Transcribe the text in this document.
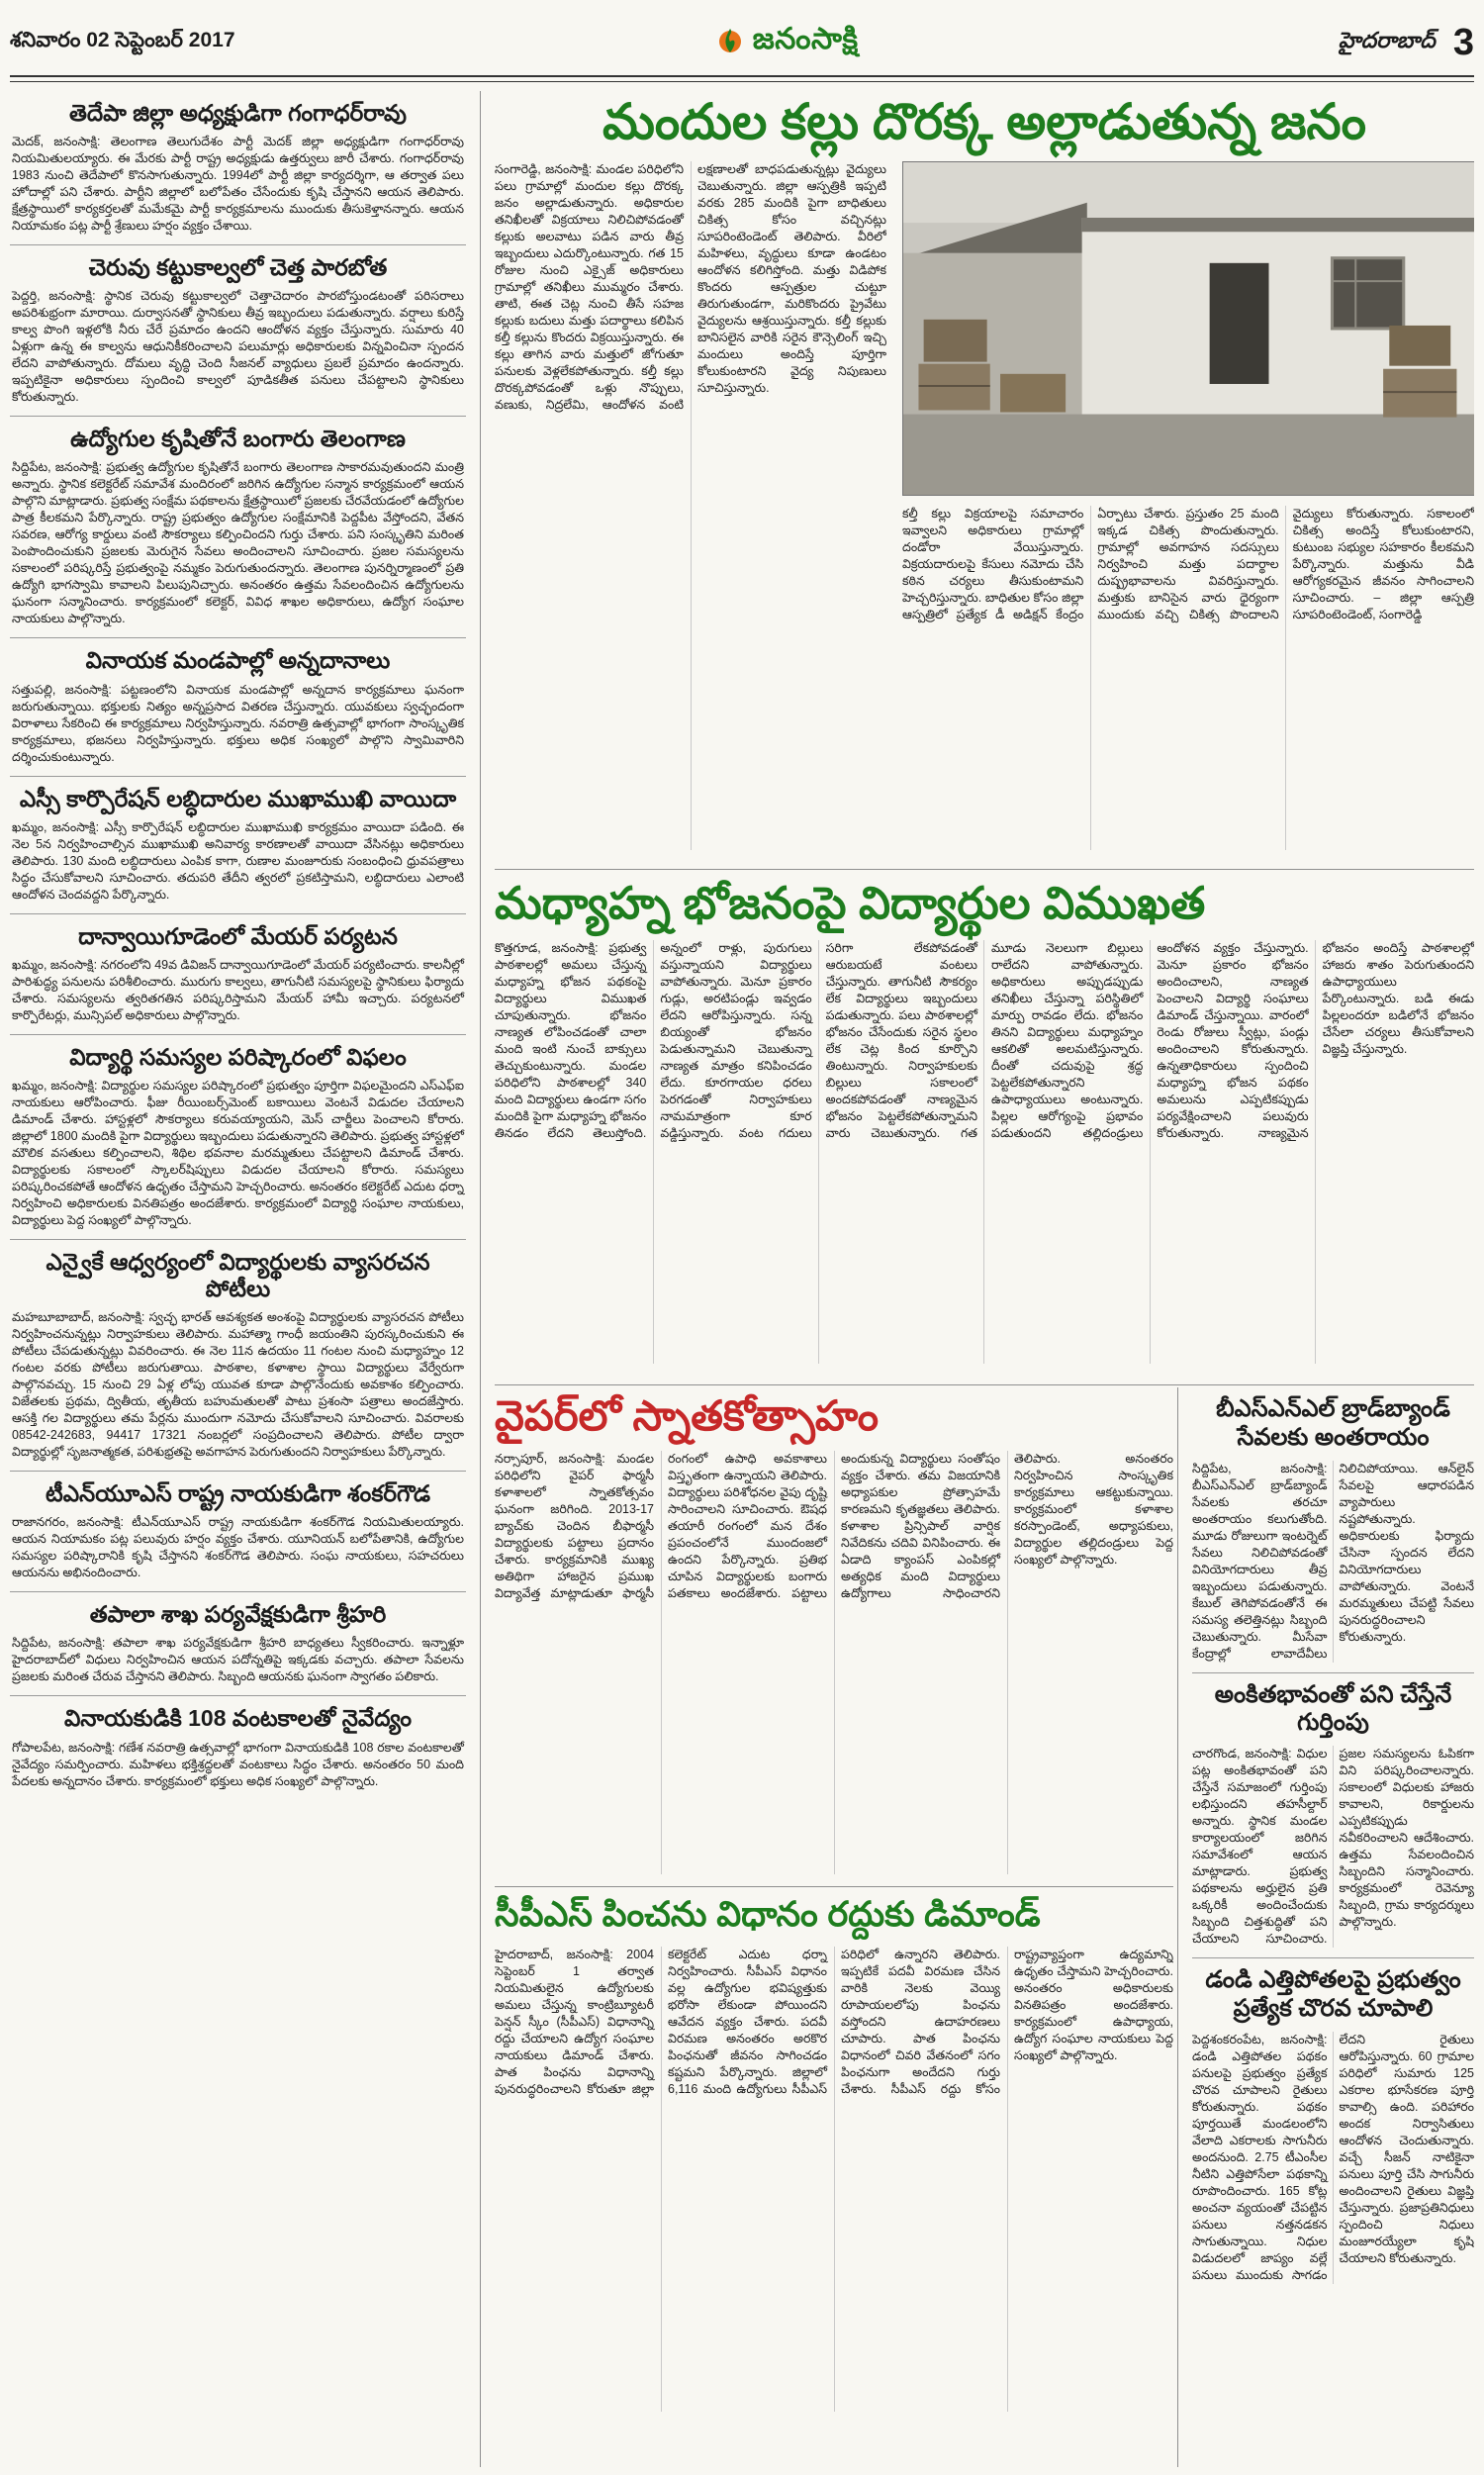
శనివారం 02 సెప్టెంబర్ 2017	జనంసాక్షి	హైదరాబాద్ 3
తెదేపా జిల్లా అధ్యక్షుడిగా గంగాధర్‌రావు

మెదక్, జనంసాక్షి: తెలంగాణ తెలుగుదేశం పార్టీ మెదక్ జిల్లా అధ్యక్షుడిగా గంగాధర్‌రావు నియమితులయ్యారు. ఈ మేరకు పార్టీ రాష్ట్ర అధ్యక్షుడు ఉత్తర్వులు జారీ చేశారు. గంగాధర్‌రావు 1983 నుంచి తెదేపాలో కొనసాగుతున్నారు. 1994లో పార్టీ జిల్లా కార్యదర్శిగా, ఆ తర్వాత పలు హోదాల్లో పని చేశారు. పార్టీని జిల్లాలో బలోపేతం చేసేందుకు కృషి చేస్తానని ఆయన తెలిపారు. క్షేత్రస్థాయిలో కార్యకర్తలతో మమేకమై పార్టీ కార్యక్రమాలను ముందుకు తీసుకెళ్తానన్నారు. ఆయన నియామకం పట్ల పార్టీ శ్రేణులు హర్షం వ్యక్తం చేశాయి.

చెరువు కట్టుకాల్వలో చెత్త పారబోత

పెద్దర్తి, జనంసాక్షి: స్థానిక చెరువు కట్టుకాల్వలో చెత్తాచెదారం పారబోస్తుండటంతో పరిసరాలు అపరిశుభ్రంగా మారాయి. దుర్వాసనతో స్థానికులు తీవ్ర ఇబ్బందులు పడుతున్నారు. వర్షాలు కురిస్తే కాల్వ పొంగి ఇళ్లలోకి నీరు చేరే ప్రమాదం ఉందని ఆందోళన వ్యక్తం చేస్తున్నారు. సుమారు 40 ఏళ్లుగా ఉన్న ఈ కాల్వను ఆధునికీకరించాలని పలుమార్లు అధికారులకు విన్నవించినా స్పందన లేదని వాపోతున్నారు. దోమలు వృద్ధి చెంది సీజనల్ వ్యాధులు ప్రబలే ప్రమాదం ఉందన్నారు. ఇప్పటికైనా అధికారులు స్పందించి కాల్వలో పూడికతీత పనులు చేపట్టాలని స్థానికులు కోరుతున్నారు.

ఉద్యోగుల కృషితోనే బంగారు తెలంగాణ

సిద్దిపేట, జనంసాక్షి: ప్రభుత్వ ఉద్యోగుల కృషితోనే బంగారు తెలంగాణ సాకారమవుతుందని మంత్రి అన్నారు. స్థానిక కలెక్టరేట్ సమావేశ మందిరంలో జరిగిన ఉద్యోగుల సన్మాన కార్యక్రమంలో ఆయన పాల్గొని మాట్లాడారు. ప్రభుత్వ సంక్షేమ పథకాలను క్షేత్రస్థాయిలో ప్రజలకు చేరవేయడంలో ఉద్యోగుల పాత్ర కీలకమని పేర్కొన్నారు. రాష్ట్ర ప్రభుత్వం ఉద్యోగుల సంక్షేమానికి పెద్దపీట వేస్తోందని, వేతన సవరణ, ఆరోగ్య కార్డులు వంటి సౌకర్యాలు కల్పించిందని గుర్తు చేశారు. పని సంస్కృతిని మరింత పెంపొందించుకుని ప్రజలకు మెరుగైన సేవలు అందించాలని సూచించారు. ప్రజల సమస్యలను సకాలంలో పరిష్కరిస్తే ప్రభుత్వంపై నమ్మకం పెరుగుతుందన్నారు. తెలంగాణ పునర్నిర్మాణంలో ప్రతి ఉద్యోగి భాగస్వామి కావాలని పిలుపునిచ్చారు. అనంతరం ఉత్తమ సేవలందించిన ఉద్యోగులను ఘనంగా సన్మానించారు. కార్యక్రమంలో కలెక్టర్, వివిధ శాఖల అధికారులు, ఉద్యోగ సంఘాల నాయకులు పాల్గొన్నారు.

వినాయక మండపాల్లో అన్నదానాలు

సత్తుపల్లి, జనంసాక్షి: పట్టణంలోని వినాయక మండపాల్లో అన్నదాన కార్యక్రమాలు ఘనంగా జరుగుతున్నాయి. భక్తులకు నిత్యం అన్నప్రసాద వితరణ చేస్తున్నారు. యువకులు స్వచ్ఛందంగా విరాళాలు సేకరించి ఈ కార్యక్రమాలు నిర్వహిస్తున్నారు. నవరాత్రి ఉత్సవాల్లో భాగంగా సాంస్కృతిక కార్యక్రమాలు, భజనలు నిర్వహిస్తున్నారు. భక్తులు అధిక సంఖ్యలో పాల్గొని స్వామివారిని దర్శించుకుంటున్నారు.

ఎస్సీ కార్పొరేషన్ లబ్ధిదారుల ముఖాముఖి వాయిదా

ఖమ్మం, జనంసాక్షి: ఎస్సీ కార్పొరేషన్ లబ్ధిదారుల ముఖాముఖి కార్యక్రమం వాయిదా పడింది. ఈ నెల 5న నిర్వహించాల్సిన ముఖాముఖి అనివార్య కారణాలతో వాయిదా వేసినట్లు అధికారులు తెలిపారు. 130 మంది లబ్ధిదారులు ఎంపిక కాగా, రుణాల మంజూరుకు సంబంధించి ధ్రువపత్రాలు సిద్ధం చేసుకోవాలని సూచించారు. తదుపరి తేదీని త్వరలో ప్రకటిస్తామని, లబ్ధిదారులు ఎలాంటి ఆందోళన చెందవద్దని పేర్కొన్నారు.

దాన్వాయిగూడెంలో మేయర్ పర్యటన

ఖమ్మం, జనంసాక్షి: నగరంలోని 49వ డివిజన్ దాన్వాయిగూడెంలో మేయర్ పర్యటించారు. కాలనీల్లో పారిశుద్ధ్య పనులను పరిశీలించారు. మురుగు కాల్వలు, తాగునీటి సమస్యలపై స్థానికులు ఫిర్యాదు చేశారు. సమస్యలను త్వరితగతిన పరిష్కరిస్తామని మేయర్ హామీ ఇచ్చారు. పర్యటనలో కార్పొరేటర్లు, మున్సిపల్ అధికారులు పాల్గొన్నారు.

విద్యార్థి సమస్యల పరిష్కారంలో విఫలం

ఖమ్మం, జనంసాక్షి: విద్యార్థుల సమస్యల పరిష్కారంలో ప్రభుత్వం పూర్తిగా విఫలమైందని ఎస్ఎఫ్ఐ నాయకులు ఆరోపించారు. ఫీజు రీయింబర్స్‌మెంట్ బకాయిలు వెంటనే విడుదల చేయాలని డిమాండ్ చేశారు. హాస్టళ్లలో సౌకర్యాలు కరువయ్యాయని, మెస్ చార్జీలు పెంచాలని కోరారు. జిల్లాలో 1800 మందికి పైగా విద్యార్థులు ఇబ్బందులు పడుతున్నారని తెలిపారు. ప్రభుత్వ హాస్టళ్లలో మౌలిక వసతులు కల్పించాలని, శిథిల భవనాల మరమ్మతులు చేపట్టాలని డిమాండ్ చేశారు. విద్యార్థులకు సకాలంలో స్కాలర్‌షిప్పులు విడుదల చేయాలని కోరారు. సమస్యలు పరిష్కరించకపోతే ఆందోళన ఉధృతం చేస్తామని హెచ్చరించారు. అనంతరం కలెక్టరేట్ ఎదుట ధర్నా నిర్వహించి అధికారులకు వినతిపత్రం అందజేశారు. కార్యక్రమంలో విద్యార్థి సంఘాల నాయకులు, విద్యార్థులు పెద్ద సంఖ్యలో పాల్గొన్నారు.

ఎన్వైకే ఆధ్వర్యంలో విద్యార్థులకు వ్యాసరచన పోటీలు

మహబూబాబాద్, జనంసాక్షి: స్వచ్ఛ భారత్ ఆవశ్యకత అంశంపై విద్యార్థులకు వ్యాసరచన పోటీలు నిర్వహించనున్నట్లు నిర్వాహకులు తెలిపారు. మహాత్మా గాంధీ జయంతిని పురస్కరించుకుని ఈ పోటీలు చేపడుతున్నట్లు వివరించారు. ఈ నెల 11న ఉదయం 11 గంటల నుంచి మధ్యాహ్నం 12 గంటల వరకు పోటీలు జరుగుతాయి. పాఠశాల, కళాశాల స్థాయి విద్యార్థులు వేర్వేరుగా పాల్గొనవచ్చు. 15 నుంచి 29 ఏళ్ల లోపు యువత కూడా పాల్గొనేందుకు అవకాశం కల్పించారు. విజేతలకు ప్రథమ, ద్వితీయ, తృతీయ బహుమతులతో పాటు ప్రశంసా పత్రాలు అందజేస్తారు. ఆసక్తి గల విద్యార్థులు తమ పేర్లను ముందుగా నమోదు చేసుకోవాలని సూచించారు. వివరాలకు 08542-242683, 94417 17321 నంబర్లలో సంప్రదించాలని తెలిపారు. పోటీల ద్వారా విద్యార్థుల్లో సృజనాత్మకత, పరిశుభ్రతపై అవగాహన పెరుగుతుందని నిర్వాహకులు పేర్కొన్నారు.

టీఎన్‌యూఎస్ రాష్ట్ర నాయకుడిగా శంకర్‌గౌడ

రాజానగరం, జనంసాక్షి: టీఎన్‌యూఎస్ రాష్ట్ర నాయకుడిగా శంకర్‌గౌడ నియమితులయ్యారు. ఆయన నియామకం పట్ల పలువురు హర్షం వ్యక్తం చేశారు. యూనియన్ బలోపేతానికి, ఉద్యోగుల సమస్యల పరిష్కారానికి కృషి చేస్తానని శంకర్‌గౌడ తెలిపారు. సంఘ నాయకులు, సహచరులు ఆయనను అభినందించారు.

తపాలా శాఖ పర్యవేక్షకుడిగా శ్రీహరి

సిద్దిపేట, జనంసాక్షి: తపాలా శాఖ పర్యవేక్షకుడిగా శ్రీహరి బాధ్యతలు స్వీకరించారు. ఇన్నాళ్లూ హైదరాబాద్‌లో విధులు నిర్వహించిన ఆయన పదోన్నతిపై ఇక్కడకు వచ్చారు. తపాలా సేవలను ప్రజలకు మరింత చేరువ చేస్తానని తెలిపారు. సిబ్బంది ఆయనకు ఘనంగా స్వాగతం పలికారు.

వినాయకుడికి 108 వంటకాలతో నైవేద్యం

గోపాలపేట, జనంసాక్షి: గణేశ నవరాత్రి ఉత్సవాల్లో భాగంగా వినాయకుడికి 108 రకాల వంటకాలతో నైవేద్యం సమర్పించారు. మహిళలు భక్తిశ్రద్ధలతో వంటకాలు సిద్ధం చేశారు. అనంతరం 50 మంది పేదలకు అన్నదానం చేశారు. కార్యక్రమంలో భక్తులు అధిక సంఖ్యలో పాల్గొన్నారు.

మందుల కల్లు దొరక్క అల్లాడుతున్న జనం

సంగారెడ్డి, జనంసాక్షి: మండల పరిధిలోని పలు గ్రామాల్లో మందుల కల్లు దొరక్క జనం అల్లాడుతున్నారు. అధికారుల తనిఖీలతో విక్రయాలు నిలిచిపోవడంతో కల్లుకు అలవాటు పడిన వారు తీవ్ర ఇబ్బందులు ఎదుర్కొంటున్నారు. గత 15 రోజుల నుంచి ఎక్సైజ్ అధికారులు గ్రామాల్లో తనిఖీలు ముమ్మరం చేశారు. తాటి, ఈత చెట్ల నుంచి తీసే సహజ కల్లుకు బదులు మత్తు పదార్థాలు కలిపిన కల్తీ కల్లును కొందరు విక్రయిస్తున్నారు. ఈ కల్లు తాగిన వారు మత్తులో జోగుతూ పనులకు వెళ్లలేకపోతున్నారు. కల్తీ కల్లు దొరక్కపోవడంతో ఒళ్లు నొప్పులు, వణుకు, నిద్రలేమి, ఆందోళన వంటి లక్షణాలతో బాధపడుతున్నట్లు వైద్యులు చెబుతున్నారు. జిల్లా ఆస్పత్రికి ఇప్పటి వరకు 285 మందికి పైగా బాధితులు చికిత్స కోసం వచ్చినట్లు సూపరింటెండెంట్ తెలిపారు. వీరిలో మహిళలు, వృద్ధులు కూడా ఉండటం ఆందోళన కలిగిస్తోంది. మత్తు విడిపోక కొందరు ఆస్పత్రుల చుట్టూ తిరుగుతుండగా, మరికొందరు ప్రైవేటు వైద్యులను ఆశ్రయిస్తున్నారు. కల్తీ కల్లుకు బానిసలైన వారికి సరైన కౌన్సెలింగ్ ఇచ్చి మందులు అందిస్తే పూర్తిగా కోలుకుంటారని వైద్య నిపుణులు సూచిస్తున్నారు.

కల్తీ కల్లు విక్రయాలపై సమాచారం ఇవ్వాలని అధికారులు గ్రామాల్లో దండోరా వేయిస్తున్నారు. విక్రయదారులపై కేసులు నమోదు చేసి కఠిన చర్యలు తీసుకుంటామని హెచ్చరిస్తున్నారు. బాధితుల కోసం జిల్లా ఆస్పత్రిలో ప్రత్యేక డీ అడిక్షన్ కేంద్రం ఏర్పాటు చేశారు. ప్రస్తుతం 25 మంది ఇక్కడ చికిత్స పొందుతున్నారు. గ్రామాల్లో అవగాహన సదస్సులు నిర్వహించి మత్తు పదార్థాల దుష్ప్రభావాలను వివరిస్తున్నారు. మత్తుకు బానిసైన వారు ధైర్యంగా ముందుకు వచ్చి చికిత్స పొందాలని వైద్యులు కోరుతున్నారు. సకాలంలో చికిత్స అందిస్తే కోలుకుంటారని, కుటుంబ సభ్యుల సహకారం కీలకమని పేర్కొన్నారు. మత్తును వీడి ఆరోగ్యకరమైన జీవనం సాగించాలని సూచించారు. – జిల్లా ఆస్పత్రి సూపరింటెండెంట్, సంగారెడ్డి

మధ్యాహ్న భోజనంపై విద్యార్థుల విముఖత

కొత్తగూడ, జనంసాక్షి: ప్రభుత్వ పాఠశాలల్లో అమలు చేస్తున్న మధ్యాహ్న భోజన పథకంపై విద్యార్థులు విముఖత చూపుతున్నారు. భోజనం నాణ్యత లోపించడంతో చాలా మంది ఇంటి నుంచే బాక్సులు తెచ్చుకుంటున్నారు. మండల పరిధిలోని పాఠశాలల్లో 340 మంది విద్యార్థులు ఉండగా సగం మందికి పైగా మధ్యాహ్న భోజనం తినడం లేదని తెలుస్తోంది. అన్నంలో రాళ్లు, పురుగులు వస్తున్నాయని విద్యార్థులు వాపోతున్నారు. మెనూ ప్రకారం గుడ్లు, అరటిపండ్లు ఇవ్వడం లేదని ఆరోపిస్తున్నారు. సన్న బియ్యంతో భోజనం పెడుతున్నామని చెబుతున్నా నాణ్యత మాత్రం కనిపించడం లేదు. కూరగాయల ధరలు పెరగడంతో నిర్వాహకులు నామమాత్రంగా కూర వడ్డిస్తున్నారు. వంట గదులు సరిగా లేకపోవడంతో ఆరుబయటే వంటలు చేస్తున్నారు. తాగునీటి సౌకర్యం లేక విద్యార్థులు ఇబ్బందులు పడుతున్నారు. పలు పాఠశాలల్లో భోజనం చేసేందుకు సరైన స్థలం లేక చెట్ల కింద కూర్చొని తింటున్నారు. నిర్వాహకులకు బిల్లులు సకాలంలో అందకపోవడంతో నాణ్యమైన భోజనం పెట్టలేకపోతున్నామని వారు చెబుతున్నారు. గత మూడు నెలలుగా బిల్లులు రాలేదని వాపోతున్నారు. అధికారులు అప్పుడప్పుడు తనిఖీలు చేస్తున్నా పరిస్థితిలో మార్పు రావడం లేదు. భోజనం తినని విద్యార్థులు మధ్యాహ్నం ఆకలితో అలమటిస్తున్నారు. దీంతో చదువుపై శ్రద్ధ పెట్టలేకపోతున్నారని ఉపాధ్యాయులు అంటున్నారు. పిల్లల ఆరోగ్యంపై ప్రభావం పడుతుందని తల్లిదండ్రులు ఆందోళన వ్యక్తం చేస్తున్నారు. మెనూ ప్రకారం భోజనం అందించాలని, నాణ్యత పెంచాలని విద్యార్థి సంఘాలు డిమాండ్ చేస్తున్నాయి. వారంలో రెండు రోజులు స్వీట్లు, పండ్లు అందించాలని కోరుతున్నారు. ఉన్నతాధికారులు స్పందించి మధ్యాహ్న భోజన పథకం అమలును ఎప్పటికప్పుడు పర్యవేక్షించాలని పలువురు కోరుతున్నారు. నాణ్యమైన భోజనం అందిస్తే పాఠశాలల్లో హాజరు శాతం పెరుగుతుందని ఉపాధ్యాయులు పేర్కొంటున్నారు. బడి ఈడు పిల్లలందరూ బడిలోనే భోజనం చేసేలా చర్యలు తీసుకోవాలని విజ్ఞప్తి చేస్తున్నారు.

వైపర్‌లో స్నాతకోత్సాహం

నర్సాపూర్, జనంసాక్షి: మండల పరిధిలోని వైపర్ ఫార్మసీ కళాశాలలో స్నాతకోత్సవం ఘనంగా జరిగింది. 2013-17 బ్యాచ్‌కు చెందిన బీఫార్మసీ విద్యార్థులకు పట్టాలు ప్రదానం చేశారు. కార్యక్రమానికి ముఖ్య అతిథిగా హాజరైన ప్రముఖ విద్యావేత్త మాట్లాడుతూ ఫార్మసీ రంగంలో ఉపాధి అవకాశాలు విస్తృతంగా ఉన్నాయని తెలిపారు. విద్యార్థులు పరిశోధనల వైపు దృష్టి సారించాలని సూచించారు. ఔషధ తయారీ రంగంలో మన దేశం ప్రపంచంలోనే ముందంజలో ఉందని పేర్కొన్నారు. ప్రతిభ చూపిన విద్యార్థులకు బంగారు పతకాలు అందజేశారు. పట్టాలు అందుకున్న విద్యార్థులు సంతోషం వ్యక్తం చేశారు. తమ విజయానికి అధ్యాపకుల ప్రోత్సాహమే కారణమని కృతజ్ఞతలు తెలిపారు. కళాశాల ప్రిన్సిపాల్ వార్షిక నివేదికను చదివి వినిపించారు. ఈ ఏడాది క్యాంపస్ ఎంపికల్లో అత్యధిక మంది విద్యార్థులు ఉద్యోగాలు సాధించారని తెలిపారు. అనంతరం నిర్వహించిన సాంస్కృతిక కార్యక్రమాలు ఆకట్టుకున్నాయి. కార్యక్రమంలో కళాశాల కరస్పాండెంట్, అధ్యాపకులు, విద్యార్థుల తల్లిదండ్రులు పెద్ద సంఖ్యలో పాల్గొన్నారు.

సీపీఎస్ పించను విధానం రద్దుకు డిమాండ్

హైదరాబాద్, జనంసాక్షి: 2004 సెప్టెంబర్ 1 తర్వాత నియమితులైన ఉద్యోగులకు అమలు చేస్తున్న కాంట్రిబ్యూటరీ పెన్షన్ స్కీం (సీపీఎస్) విధానాన్ని రద్దు చేయాలని ఉద్యోగ సంఘాల నాయకులు డిమాండ్ చేశారు. పాత పింఛను విధానాన్ని పునరుద్ధరించాలని కోరుతూ జిల్లా కలెక్టరేట్ ఎదుట ధర్నా నిర్వహించారు. సీపీఎస్ విధానం వల్ల ఉద్యోగుల భవిష్యత్తుకు భరోసా లేకుండా పోయిందని ఆవేదన వ్యక్తం చేశారు. పదవీ విరమణ అనంతరం అరకొర పింఛనుతో జీవనం సాగించడం కష్టమని పేర్కొన్నారు. జిల్లాలో 6,116 మంది ఉద్యోగులు సీపీఎస్ పరిధిలో ఉన్నారని తెలిపారు. ఇప్పటికే పదవీ విరమణ చేసిన వారికి నెలకు వెయ్యి రూపాయలలోపు పింఛను వస్తోందని ఉదాహరణలు చూపారు. పాత పింఛను విధానంలో చివరి వేతనంలో సగం పింఛనుగా అందేదని గుర్తు చేశారు. సీపీఎస్ రద్దు కోసం రాష్ట్రవ్యాప్తంగా ఉద్యమాన్ని ఉధృతం చేస్తామని హెచ్చరించారు. అనంతరం అధికారులకు వినతిపత్రం అందజేశారు. కార్యక్రమంలో ఉపాధ్యాయ, ఉద్యోగ సంఘాల నాయకులు పెద్ద సంఖ్యలో పాల్గొన్నారు.

బీఎస్‌ఎన్‌ఎల్ బ్రాడ్‌బ్యాండ్ సేవలకు అంతరాయం

సిద్దిపేట, జనంసాక్షి: బీఎస్ఎన్ఎల్ బ్రాడ్‌బ్యాండ్ సేవలకు తరచూ అంతరాయం కలుగుతోంది. మూడు రోజులుగా ఇంటర్నెట్ సేవలు నిలిచిపోవడంతో వినియోగదారులు తీవ్ర ఇబ్బందులు పడుతున్నారు. కేబుల్ తెగిపోవడంతోనే ఈ సమస్య తలెత్తినట్లు సిబ్బంది చెబుతున్నారు. మీసేవా కేంద్రాల్లో లావాదేవీలు నిలిచిపోయాయి. ఆన్‌లైన్ సేవలపై ఆధారపడిన వ్యాపారులు నష్టపోతున్నారు. అధికారులకు ఫిర్యాదు చేసినా స్పందన లేదని వినియోగదారులు వాపోతున్నారు. వెంటనే మరమ్మతులు చేపట్టి సేవలు పునరుద్ధరించాలని కోరుతున్నారు.

అంకితభావంతో పని చేస్తేనే గుర్తింపు

చారగొండ, జనంసాక్షి: విధుల పట్ల అంకితభావంతో పని చేస్తేనే సమాజంలో గుర్తింపు లభిస్తుందని తహసీల్దార్ అన్నారు. స్థానిక మండల కార్యాలయంలో జరిగిన సమావేశంలో ఆయన మాట్లాడారు. ప్రభుత్వ పథకాలను అర్హులైన ప్రతి ఒక్కరికీ అందించేందుకు సిబ్బంది చిత్తశుద్ధితో పని చేయాలని సూచించారు. ప్రజల సమస్యలను ఓపికగా విని పరిష్కరించాలన్నారు. సకాలంలో విధులకు హాజరు కావాలని, రికార్డులను ఎప్పటికప్పుడు నవీకరించాలని ఆదేశించారు. ఉత్తమ సేవలందించిన సిబ్బందిని సన్మానించారు. కార్యక్రమంలో రెవెన్యూ సిబ్బంది, గ్రామ కార్యదర్శులు పాల్గొన్నారు.

డండి ఎత్తిపోతలపై ప్రభుత్వం ప్రత్యేక చొరవ చూపాలి

పెద్దశంకరంపేట, జనంసాక్షి: డండి ఎత్తిపోతల పథకం పనులపై ప్రభుత్వం ప్రత్యేక చొరవ చూపాలని రైతులు కోరుతున్నారు. పథకం పూర్తయితే మండలంలోని వేలాది ఎకరాలకు సాగునీరు అందనుంది. 2.75 టీఎంసీల నీటిని ఎత్తిపోసేలా పథకాన్ని రూపొందించారు. 165 కోట్ల అంచనా వ్యయంతో చేపట్టిన పనులు నత్తనడకన సాగుతున్నాయి. నిధుల విడుదలలో జాప్యం వల్లే పనులు ముందుకు సాగడం లేదని రైతులు ఆరోపిస్తున్నారు. 60 గ్రామాల పరిధిలో సుమారు 125 ఎకరాల భూసేకరణ పూర్తి కావాల్సి ఉంది. పరిహారం అందక నిర్వాసితులు ఆందోళన చెందుతున్నారు. వచ్చే సీజన్ నాటికైనా పనులు పూర్తి చేసి సాగునీరు అందించాలని రైతులు విజ్ఞప్తి చేస్తున్నారు. ప్రజాప్రతినిధులు స్పందించి నిధులు మంజూరయ్యేలా కృషి చేయాలని కోరుతున్నారు.
